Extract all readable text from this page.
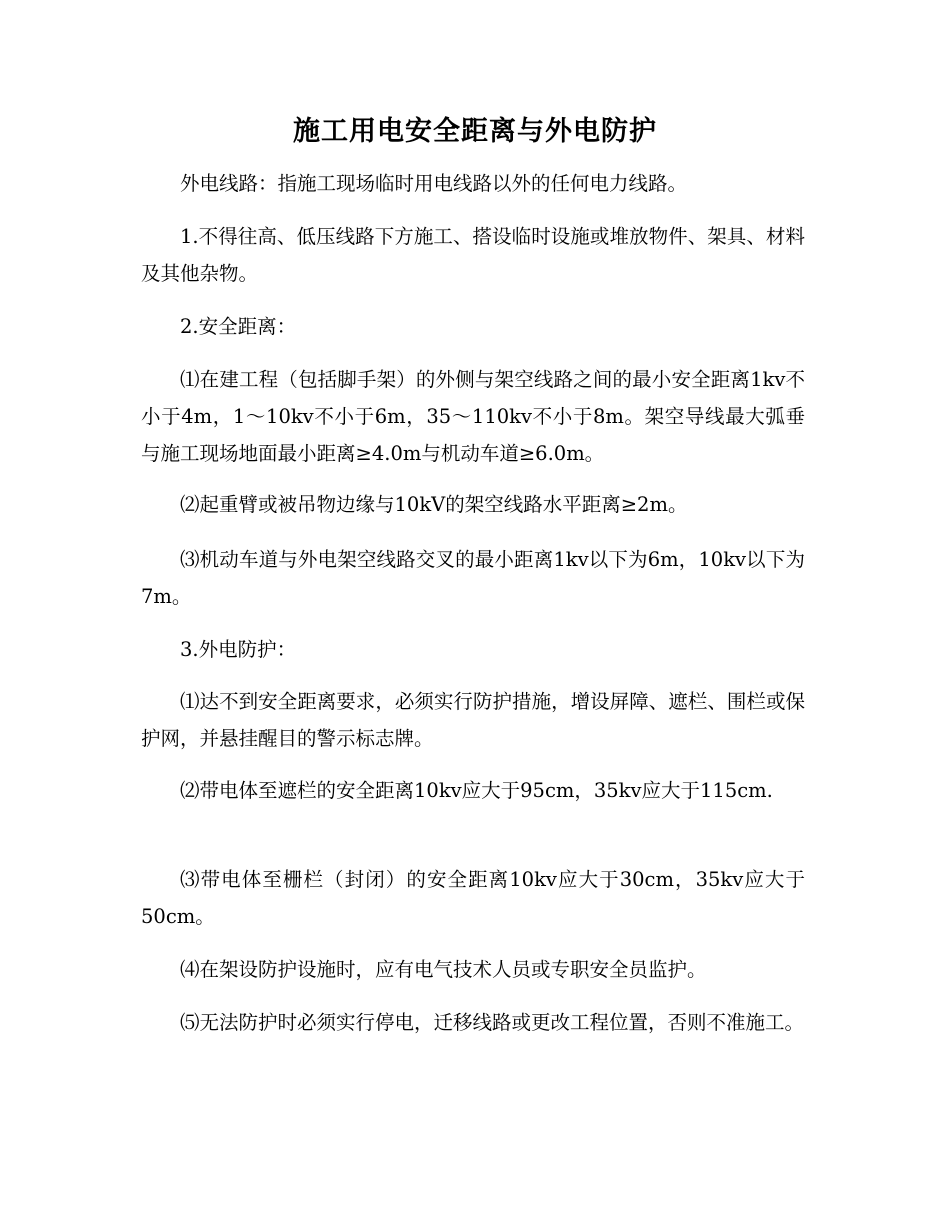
施工用电安全距离与外电防护

外电线路：指施工现场临时用电线路以外的任何电力线路。

1.不得往高、低压线路下方施工、搭设临时设施或堆放物件、架具、材料及其他杂物。

2.安全距离：

⑴在建工程（包括脚手架）的外侧与架空线路之间的最小安全距离1kv不小于4m，1～10kv不小于6m，35～110kv不小于8m。架空导线最大弧垂与施工现场地面最小距离≥4.0m与机动车道≥6.0m。

⑵起重臂或被吊物边缘与10kV的架空线路水平距离≥2m。

⑶机动车道与外电架空线路交叉的最小距离1kv以下为6m，10kv以下为7m。

3.外电防护：

⑴达不到安全距离要求，必须实行防护措施，增设屏障、遮栏、围栏或保护网，并悬挂醒目的警示标志牌。

⑵带电体至遮栏的安全距离10kv应大于95cm，35kv应大于115cm.

⑶带电体至栅栏（封闭）的安全距离10kv应大于30cm，35kv应大于50cm。

⑷在架设防护设施时，应有电气技术人员或专职安全员监护。

⑸无法防护时必须实行停电，迁移线路或更改工程位置，否则不准施工。
